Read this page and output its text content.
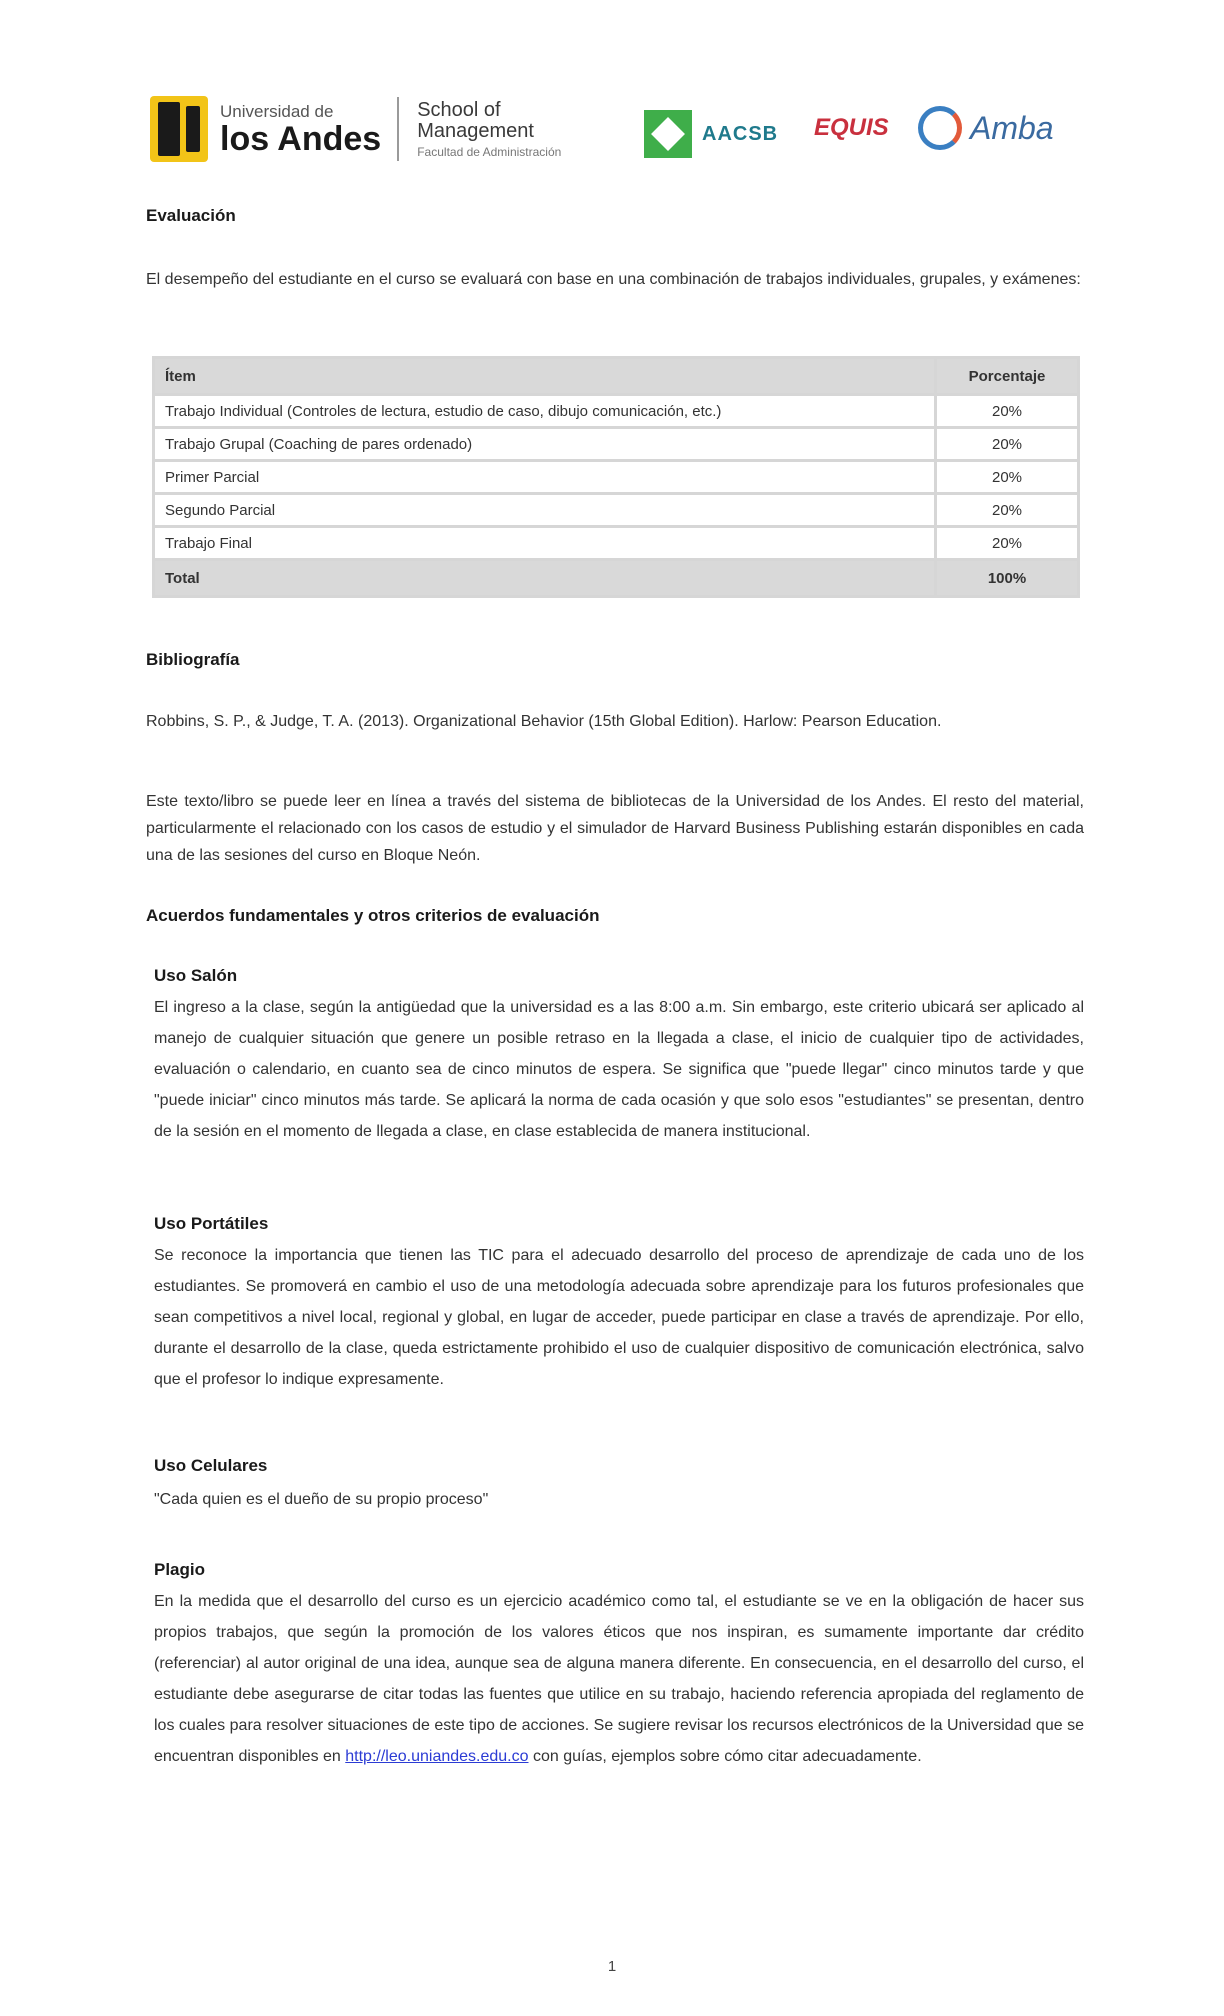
Universidad de
los Andes
School of
Management
Facultad de Administración
AACSB EQUIS	Amba
Evaluación
El desempeño del estudiante en el curso se evaluará con base en una combinación de trabajos individuales, grupales, y exámenes:
Ítem	Porcentaje
Trabajo Individual (Controles de lectura, estudio de caso, dibujo comunicación, etc.)	20%
Trabajo Grupal (Coaching de pares ordenado)	20%
Primer Parcial	20%
Segundo Parcial	20%
Trabajo Final	20%
Total	100%
Bibliografía
Robbins, S. P., & Judge, T. A. (2013). Organizational Behavior (15th Global Edition). Harlow: Pearson Education.
Este texto/libro se puede leer en línea a través del sistema de bibliotecas de la Universidad de los Andes. El resto del material, particularmente el relacionado con los casos de estudio y el simulador de Harvard Business Publishing estarán disponibles en cada una de las sesiones del curso en Bloque Neón.
Acuerdos fundamentales y otros criterios de evaluación
Uso Salón
El ingreso a la clase, según la antigüedad que la universidad es a las 8:00 a.m. Sin embargo, este criterio ubicará ser aplicado al manejo de cualquier situación que genere un posible retraso en la llegada a clase, el inicio de cualquier tipo de actividades, evaluación o calendario, en cuanto sea de cinco minutos de espera. Se significa que "puede llegar" cinco minutos tarde y que "puede iniciar" cinco minutos más tarde. Se aplicará la norma de cada ocasión y que solo esos "estudiantes" se presentan, dentro de la sesión en el momento de llegada a clase, en clase establecida de manera institucional.
Uso Portátiles
Se reconoce la importancia que tienen las TIC para el adecuado desarrollo del proceso de aprendizaje de cada uno de los estudiantes. Se promoverá en cambio el uso de una metodología adecuada sobre aprendizaje para los futuros profesionales que sean competitivos a nivel local, regional y global, en lugar de acceder, puede participar en clase a través de aprendizaje. Por ello, durante el desarrollo de la clase, queda estrictamente prohibido el uso de cualquier dispositivo de comunicación electrónica, salvo que el profesor lo indique expresamente.
Uso Celulares
"Cada quien es el dueño de su propio proceso"
Plagio
En la medida que el desarrollo del curso es un ejercicio académico como tal, el estudiante se ve en la obligación de hacer sus propios trabajos, que según la promoción de los valores éticos que nos inspiran, es sumamente importante dar crédito (referenciar) al autor original de una idea, aunque sea de alguna manera diferente. En consecuencia, en el desarrollo del curso, el estudiante debe asegurarse de citar todas las fuentes que utilice en su trabajo, haciendo referencia apropiada del reglamento de los cuales para resolver situaciones de este tipo de acciones. Se sugiere revisar los recursos electrónicos de la Universidad que se encuentran disponibles en http://leo.uniandes.edu.co con guías, ejemplos sobre cómo citar adecuadamente.
1
